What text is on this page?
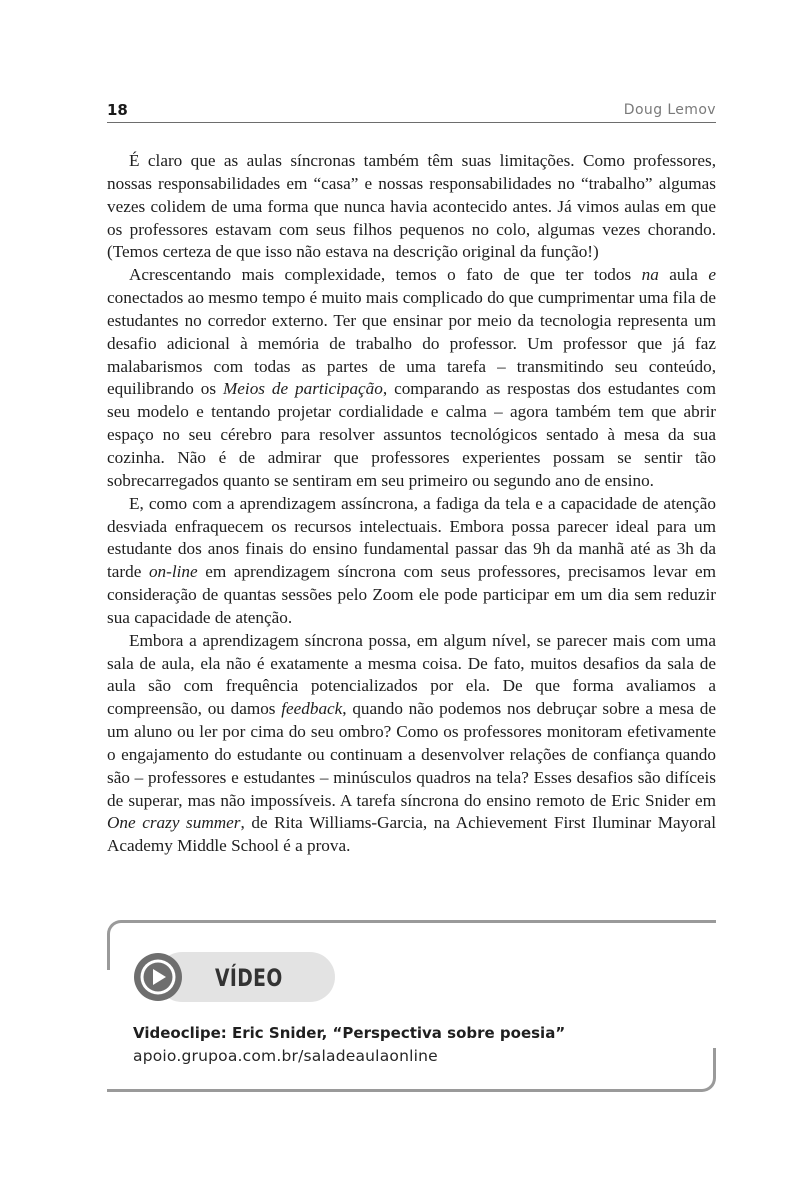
18	Doug Lemov

É claro que as aulas síncronas também têm suas limitações. Como professores, nossas responsabilidades em “casa” e nossas responsabilidades no “trabalho” algumas vezes colidem de uma forma que nunca havia acontecido antes. Já vimos aulas em que os professores estavam com seus filhos pequenos no colo, algumas vezes chorando. (Temos certeza de que isso não estava na descrição original da função!)

Acrescentando mais complexidade, temos o fato de que ter todos na aula e conectados ao mesmo tempo é muito mais complicado do que cumprimentar uma fila de estudantes no corredor externo. Ter que ensinar por meio da tecnologia representa um desafio adicional à memória de trabalho do professor. Um professor que já faz malabarismos com todas as partes de uma tarefa – transmitindo seu conteúdo, equilibrando os Meios de participação, comparando as respostas dos estudantes com seu modelo e tentando projetar cordialidade e calma – agora também tem que abrir espaço no seu cérebro para resolver assuntos tecnológicos sentado à mesa da sua cozinha. Não é de admirar que professores experientes possam se sentir tão sobrecarregados quanto se sentiram em seu primeiro ou segundo ano de ensino.

E, como com a aprendizagem assíncrona, a fadiga da tela e a capacidade de atenção desviada enfraquecem os recursos intelectuais. Embora possa parecer ideal para um estudante dos anos finais do ensino fundamental passar das 9h da manhã até as 3h da tarde on-line em aprendizagem síncrona com seus professores, precisamos levar em consideração de quantas sessões pelo Zoom ele pode participar em um dia sem reduzir sua capacidade de atenção.

Embora a aprendizagem síncrona possa, em algum nível, se parecer mais com uma sala de aula, ela não é exatamente a mesma coisa. De fato, muitos desafios da sala de aula são com frequência potencializados por ela. De que forma avaliamos a compreensão, ou damos feedback, quando não podemos nos debruçar sobre a mesa de um aluno ou ler por cima do seu ombro? Como os professores monitoram efetivamente o engajamento do estudante ou continuam a desenvolver relações de confiança quando são – professores e estudantes – minúsculos quadros na tela? Esses desafios são difíceis de superar, mas não impossíveis. A tarefa síncrona do ensino remoto de Eric Snider em One crazy summer, de Rita Williams-Garcia, na Achievement First Iluminar Mayoral Academy Middle School é a prova.

VÍDEO
Videoclipe: Eric Snider, “Perspectiva sobre poesia”
apoio.grupoa.com.br/saladeaulaonline
